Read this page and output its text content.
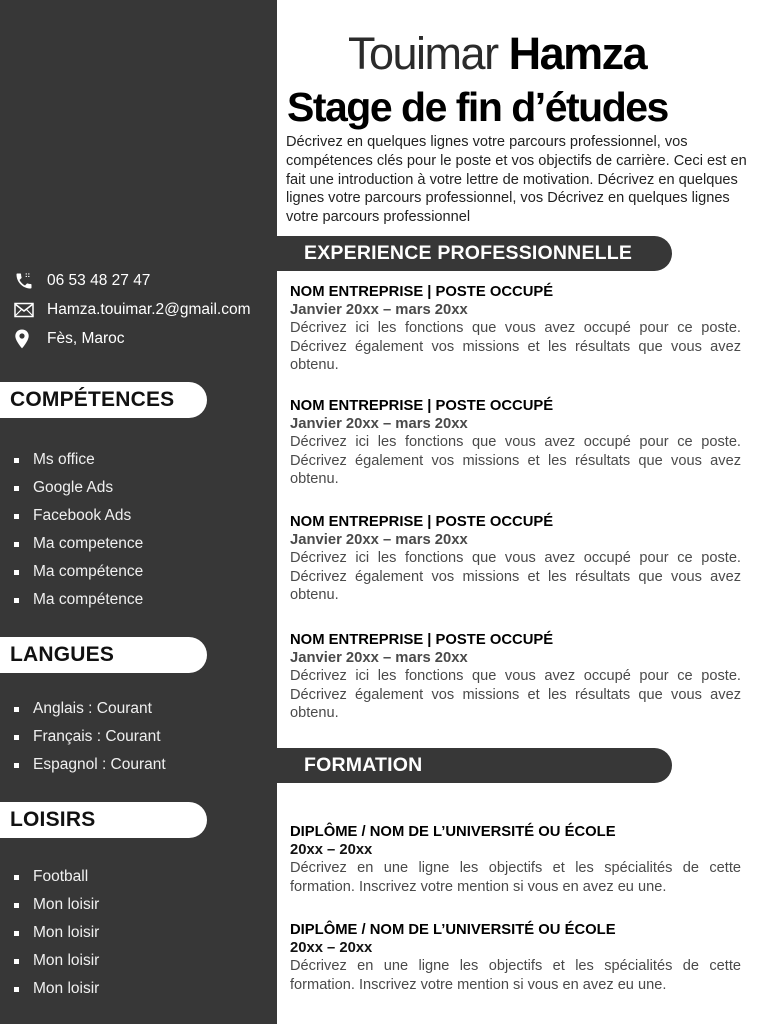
06 53 48 27 47
Hamza.touimar.2@gmail.com
Fès, Maroc
COMPÉTENCES
Ms office
Google Ads
Facebook Ads
Ma competence
Ma compétence
Ma compétence
LANGUES
Anglais : Courant
Français : Courant
Espagnol : Courant
LOISIRS
Football
Mon loisir
Mon loisir
Mon loisir
Mon loisir
Touimar Hamza
Stage de fin d’études

Décrivez en quelques lignes votre parcours professionnel, vos compétences clés pour le poste et vos objectifs de carrière. Ceci est en fait une introduction à votre lettre de motivation. Décrivez en quelques lignes votre parcours professionnel, vos Décrivez en quelques lignes votre parcours professionnel

EXPERIENCE PROFESSIONNELLE
NOM ENTREPRISE | POSTE OCCUPÉ
Janvier 20xx – mars 20xx
Décrivez ici les fonctions que vous avez occupé pour ce poste. Décrivez également vos missions et les résultats que vous avez obtenu.
NOM ENTREPRISE | POSTE OCCUPÉ
Janvier 20xx – mars 20xx
Décrivez ici les fonctions que vous avez occupé pour ce poste. Décrivez également vos missions et les résultats que vous avez obtenu.
NOM ENTREPRISE | POSTE OCCUPÉ
Janvier 20xx – mars 20xx
Décrivez ici les fonctions que vous avez occupé pour ce poste. Décrivez également vos missions et les résultats que vous avez obtenu.
NOM ENTREPRISE | POSTE OCCUPÉ
Janvier 20xx – mars 20xx
Décrivez ici les fonctions que vous avez occupé pour ce poste. Décrivez également vos missions et les résultats que vous avez obtenu.
FORMATION
DIPLÔME / NOM DE L’UNIVERSITÉ OU ÉCOLE
20xx – 20xx
Décrivez en une ligne les objectifs et les spécialités de cette formation. Inscrivez votre mention si vous en avez eu une.
DIPLÔME / NOM DE L’UNIVERSITÉ OU ÉCOLE
20xx – 20xx
Décrivez en une ligne les objectifs et les spécialités de cette formation. Inscrivez votre mention si vous en avez eu une.
